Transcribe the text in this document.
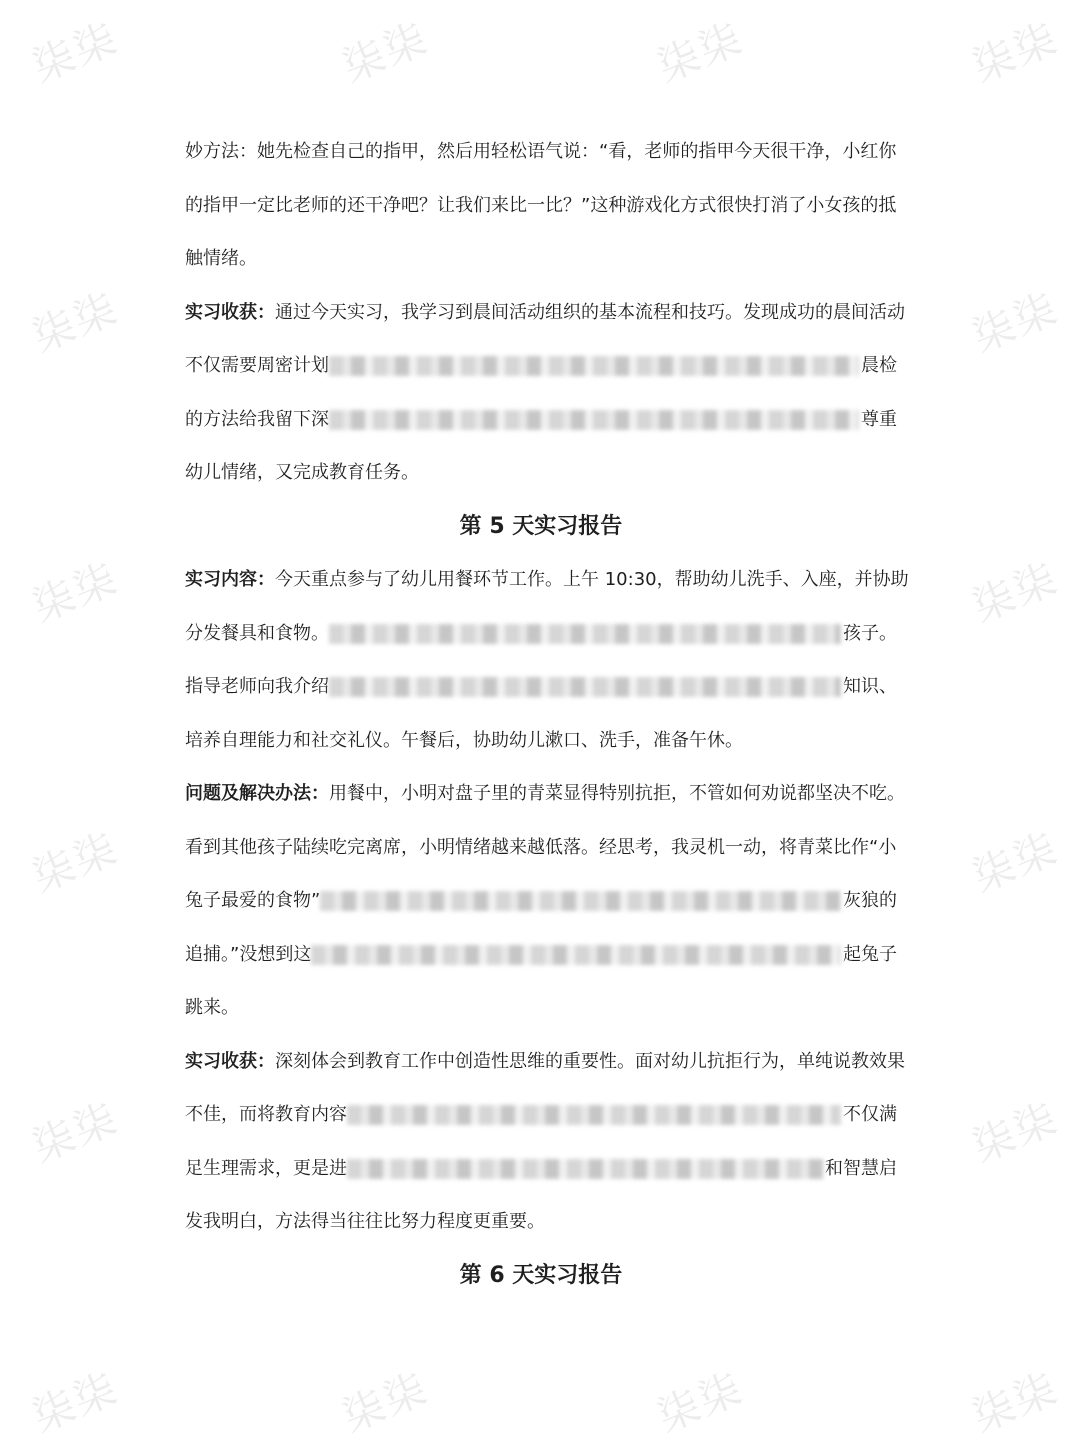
柒柒	柒柒	柒柒	柒柒
柒柒	柒柒
柒柒	柒柒
柒柒	柒柒
柒柒	柒柒
柒柒	柒柒	柒柒	柒柒
妙方法：她先检查自己的指甲，然后用轻松语气说：“看，老师的指甲今天很干净，小红你
的指甲一定比老师的还干净吧？让我们来比一比？”这种游戏化方式很快打消了小女孩的抵
触情绪。
实习收获： 通过今天实习，我学习到晨间活动组织的基本流程和技巧。发现成功的晨间活动
不仅需要周密计划	晨检
的方法给我留下深	尊重
幼儿情绪，又完成教育任务。
第 5 天实习报告
实习内容： 今天重点参与了幼儿用餐环节工作。上午 10:30，帮助幼儿洗手、入座，并协助
分发餐具和食物。	孩子。
指导老师向我介绍	知识、
培养自理能力和社交礼仪。午餐后，协助幼儿漱口、洗手，准备午休。
问题及解决办法： 用餐中，小明对盘子里的青菜显得特别抗拒，不管如何劝说都坚决不吃。
看到其他孩子陆续吃完离席，小明情绪越来越低落。经思考，我灵机一动，将青菜比作“小
兔子最爱的食物”	灰狼的
追捕。”没想到这	起兔子
跳来。
实习收获： 深刻体会到教育工作中创造性思维的重要性。面对幼儿抗拒行为，单纯说教效果
不佳，而将教育内容	不仅满
足生理需求，更是进	和智慧启
发我明白，方法得当往往比努力程度更重要。
第 6 天实习报告
